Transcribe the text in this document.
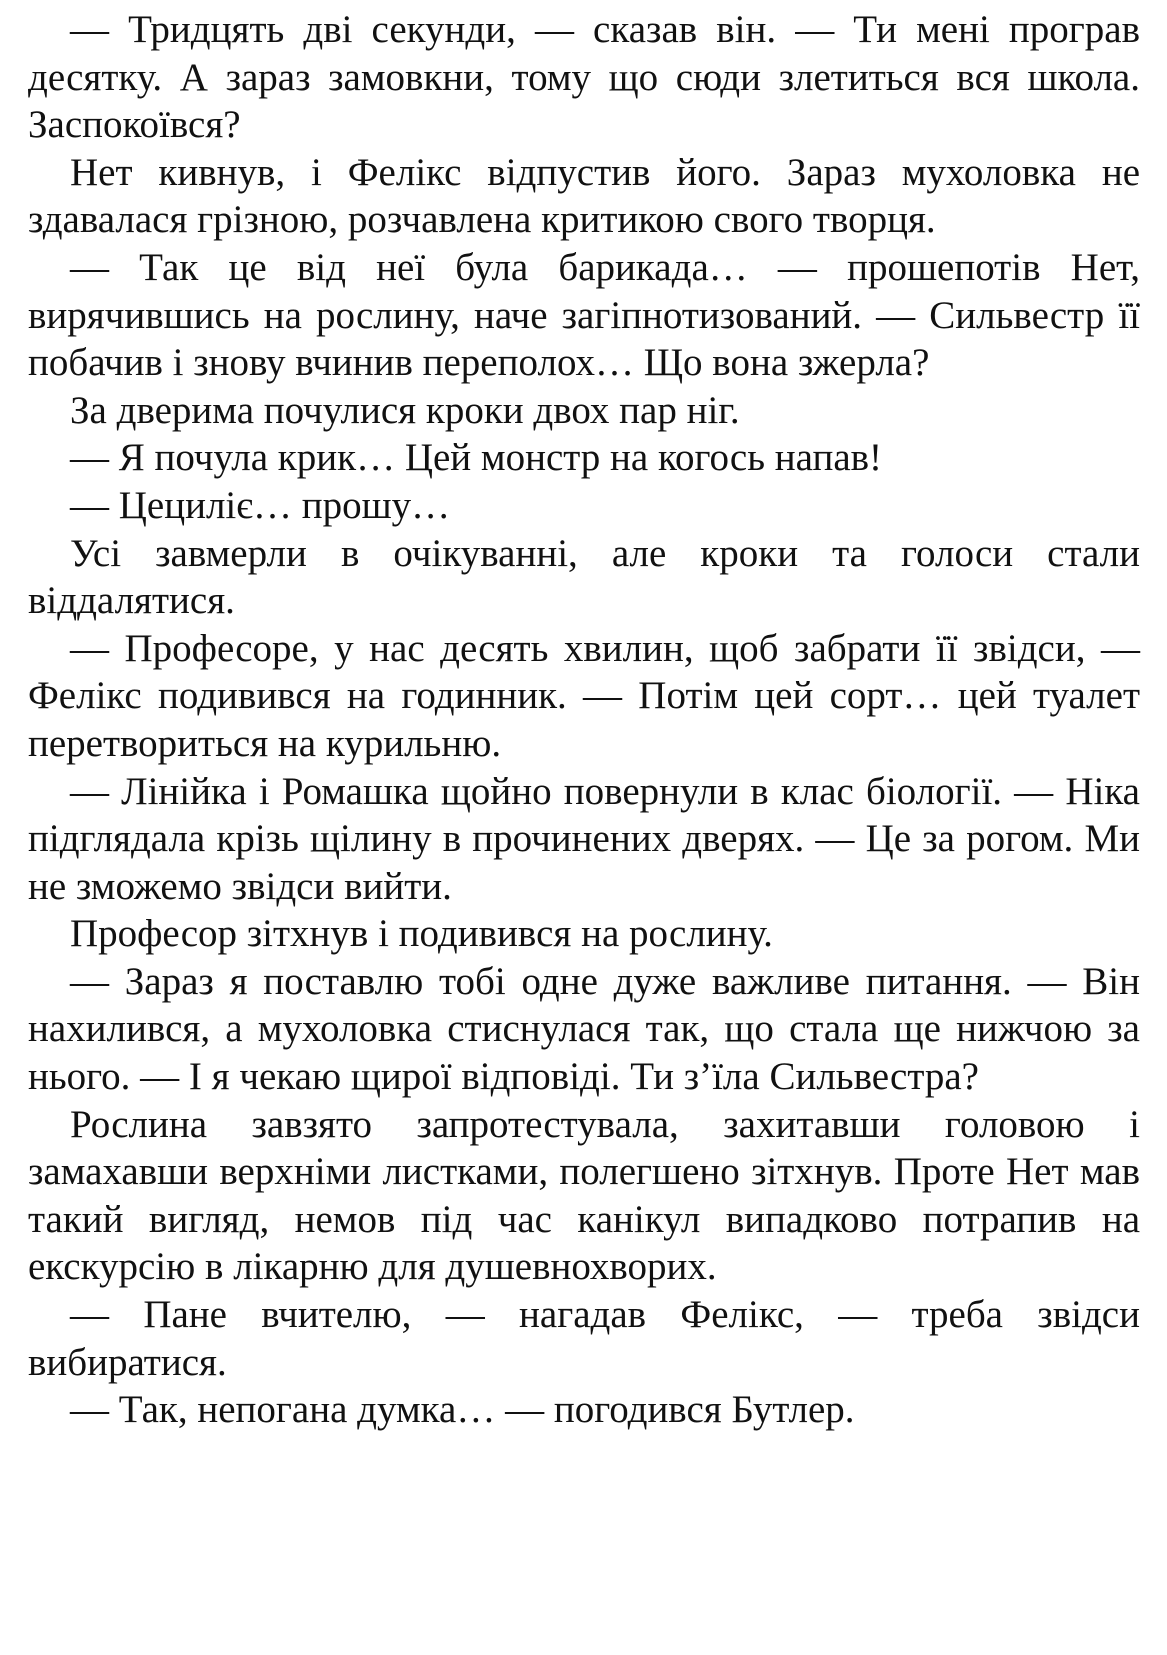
— Тридцять дві секунди, — сказав він. — Ти мені програв десятку. А зараз замовкни, тому що сюди злетиться вся школа. Заспокоївся?

Нет кивнув, і Фелікс відпустив його. Зараз мухоловка не здавалася грізною, розчавлена критикою свого творця.

— Так це від неї була барикада… — прошепотів Нет, вирячившись на рослину, наче загіпнотизований. — Сильвестр її побачив і знову вчинив переполох… Що вона зжерла?

За дверима почулися кроки двох пар ніг.

— Я почула крик… Цей монстр на когось напав!

— Цециліє… прошу…

Усі завмерли в очікуванні, але кроки та голоси стали віддалятися.

— Професоре, у нас десять хвилин, щоб забрати її звідси, — Фелікс подивився на годинник. — Потім цей сорт… цей туалет перетвориться на курильню.

— Лінійка і Ромашка щойно повернули в клас біології. — Ніка підглядала крізь щілину в прочинених дверях. — Це за рогом. Ми не зможемо звідси вийти.

Професор зітхнув і подивився на рослину.

— Зараз я поставлю тобі одне дуже важливе питання. — Він нахилився, а мухоловка стиснулася так, що стала ще нижчою за нього. — І я чекаю щирої відповіді. Ти з’їла Сильвестра?

Рослина завзято запротестувала, захитавши головою і замахавши верхніми листками, полегшено зітхнув. Проте Нет мав такий вигляд, немов під час канікул випадково потрапив на екскурсію в лікарню для душевнохворих.

— Пане вчителю, — нагадав Фелікс, — треба звідси вибиратися.

— Так, непогана думка… — погодився Бутлер.
